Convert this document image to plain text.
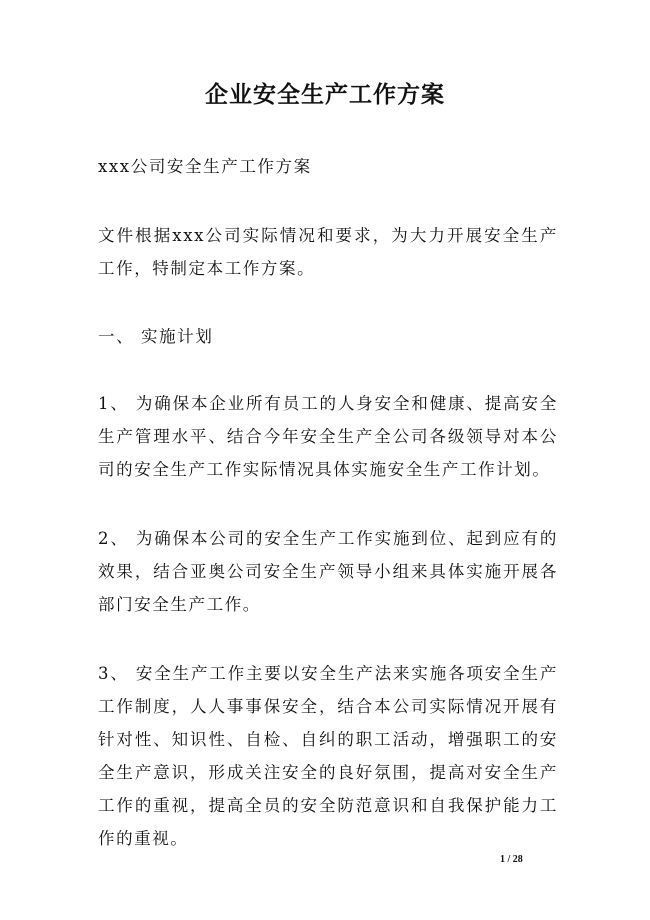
企业安全生产工作方案

xxx公司安全生产工作方案

文件根据xxx公司实际情况和要求，为大力开展安全生产工作，特制定本工作方案。

一、 实施计划

1、 为确保本企业所有员工的人身安全和健康、提高安全生产管理水平、结合今年安全生产全公司各级领导对本公司的安全生产工作实际情况具体实施安全生产工作计划。

2、 为确保本公司的安全生产工作实施到位、起到应有的效果，结合亚奥公司安全生产领导小组来具体实施开展各部门安全生产工作。

3、 安全生产工作主要以安全生产法来实施各项安全生产工作制度，人人事事保安全，结合本公司实际情况开展有针对性、知识性、自检、自纠的职工活动，增强职工的安全生产意识，形成关注安全的良好氛围，提高对安全生产工作的重视，提高全员的安全防范意识和自我保护能力工作的重视。

1 / 28
